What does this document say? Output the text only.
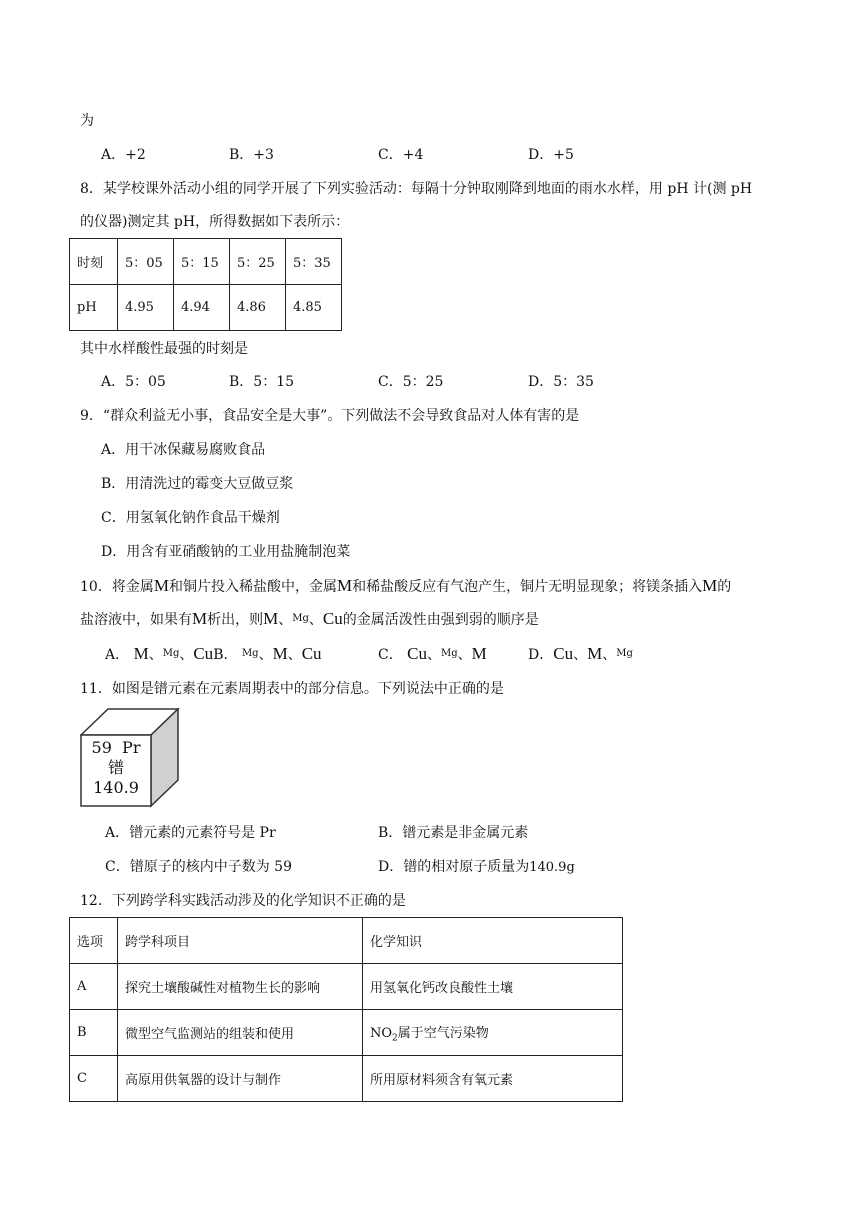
为
A．+2	B．+3	C．+4	D．+5
8．某学校课外活动小组的同学开展了下列实验活动：每隔十分钟取刚降到地面的雨水水样，用 pH 计(测 pH
的仪器)测定其 pH，所得数据如下表所示：
时刻	5：05	5：15	5：25	5：35
pH	4.95	4.94	4.86	4.85
其中水样酸性最强的时刻是
A．5：05	B．5：15	C．5：25	D．5：35
9．“群众利益无小事，食品安全是大事”。下列做法不会导致食品对人体有害的是
A．用干冰保藏易腐败食品
B．用清洗过的霉变大豆做豆浆
C．用氢氧化钠作食品干燥剂
D．用含有亚硝酸钠的工业用盐腌制泡菜
10．将金属M和铜片投入稀盐酸中，金属M和稀盐酸反应有气泡产生，铜片无明显现象；将镁条插入M的
盐溶液中，如果有M析出，则M、$^{Mg}$、Cu的金属活泼性由强到弱的顺序是
A． M、$^{Mg}$、CuB． $^{Mg}$、M、Cu	C． Cu、$^{Mg}$、M	D．Cu、M、$^{Mg}$
11．如图是镨元素在元素周期表中的部分信息。下列说法中正确的是
59 Pr
镨
140.9
A．镨元素的元素符号是 Pr	B．镨元素是非金属元素
C．镨原子的核内中子数为 59	D．镨的相对原子质量为140.9g
12．下列跨学科实践活动涉及的化学知识不正确的是
选项	跨学科项目	化学知识
A	探究土壤酸碱性对植物生长的影响	用氢氧化钙改良酸性土壤
B	微型空气监测站的组装和使用	$NO_2$属于空气污染物
C	高原用供氧器的设计与制作	所用原材料须含有氧元素
